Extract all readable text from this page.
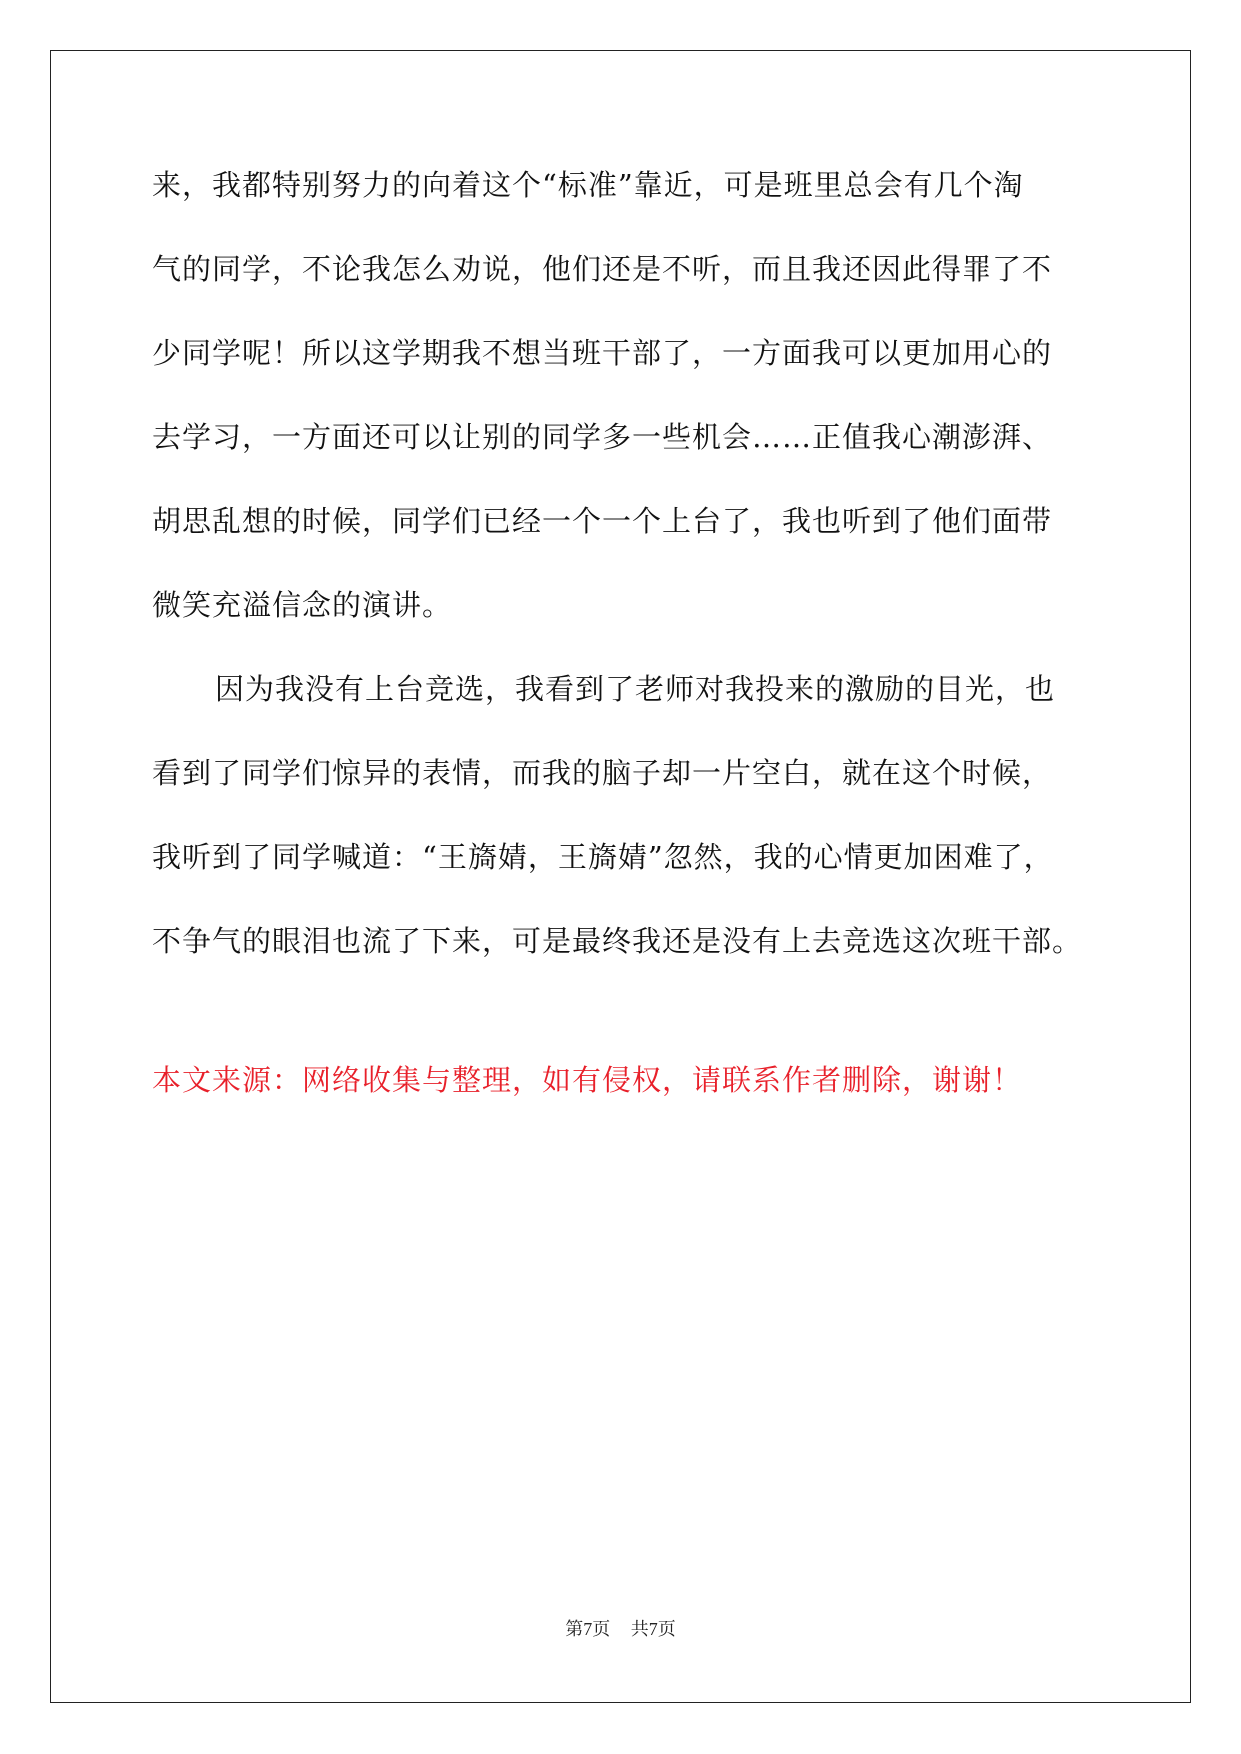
来，我都特别努力的向着这个“标准”靠近，可是班里总会有几个淘
气的同学，不论我怎么劝说，他们还是不听，而且我还因此得罪了不
少同学呢！所以这学期我不想当班干部了，一方面我可以更加用心的
去学习，一方面还可以让别的同学多一些机会……正值我心潮澎湃、
胡思乱想的时候，同学们已经一个一个上台了，我也听到了他们面带
微笑充溢信念的演讲。
因为我没有上台竞选，我看到了老师对我投来的激励的目光，也
看到了同学们惊异的表情，而我的脑子却一片空白，就在这个时候，
我听到了同学喊道：“王旖婧，王旖婧”忽然，我的心情更加困难了，
不争气的眼泪也流了下来，可是最终我还是没有上去竞选这次班干部。
本文来源：网络收集与整理，如有侵权，请联系作者删除，谢谢！
第7页 共7页
